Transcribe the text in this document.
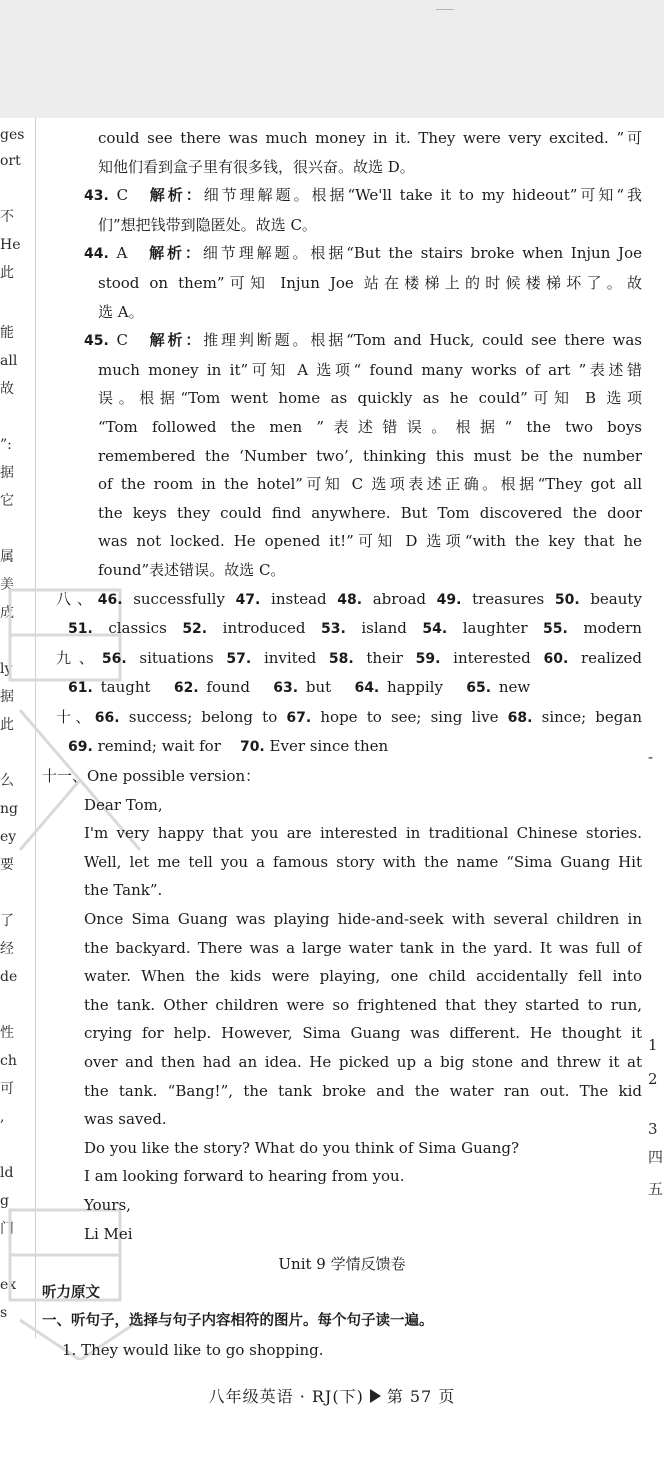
ges
ort
不
He
此
能
all
故
”:
据
它
属
美
成
ly
据
此
么
ng
ey
要
了
经
de
性
ch
可
,
ld
g
门
ex
s
-
1
2
3
四
五
could see there was much money in it. They were very excited. ”可
知他们看到盒子里有很多钱，很兴奋。故选 D。
43. C 解析：细节理解题。根据“We'll take it to my hideout”可知“我
们”想把钱带到隐匿处。故选 C。
44. A 解析：细节理解题。根据“But the stairs broke when Injun Joe
stood on them”可知 Injun Joe 站在楼梯上的时候楼梯坏了。故
选 A。
45. C 解析：推理判断题。根据“Tom and Huck, could see there was
much money in it”可知 A 选项“ found many works of art ”表述错
误。根据“Tom went home as quickly as he could”可知 B 选项
“Tom followed the men ”表述错误。根据“ the two boys
remembered the ‘Number two’, thinking this must be the number
of the room in the hotel”可知 C 选项表述正确。根据“They got all
the keys they could find anywhere. But Tom discovered the door
was not locked. He opened it!”可知 D 选项“with the key that he
found”表述错误。故选 C。
八、46. successfully 47. instead 48. abroad 49. treasures 50. beauty
51. classics 52. introduced 53. island 54. laughter 55. modern
九、56. situations 57. invited 58. their 59. interested 60. realized
61. taught 62. found 63. but 64. happily 65. new
十、66. success; belong to 67. hope to see; sing live 68. since; began
69. remind; wait for 70. Ever since then
十一、One possible version：
Dear Tom,
I'm very happy that you are interested in traditional Chinese stories.
Well, let me tell you a famous story with the name “Sima Guang Hit
the Tank”.
Once Sima Guang was playing hide-and-seek with several children in
the backyard. There was a large water tank in the yard. It was full of
water. When the kids were playing, one child accidentally fell into
the tank. Other children were so frightened that they started to run,
crying for help. However, Sima Guang was different. He thought it
over and then had an idea. He picked up a big stone and threw it at
the tank. “Bang!”, the tank broke and the water ran out. The kid
was saved.
Do you like the story? What do you think of Sima Guang?
I am looking forward to hearing from you.
Yours,
Li Mei
Unit 9 学情反馈卷
听力原文
一、听句子，选择与句子内容相符的图片。每个句子读一遍。
1. They would like to go shopping.
八年级英语 · RJ(下) 第 57 页
